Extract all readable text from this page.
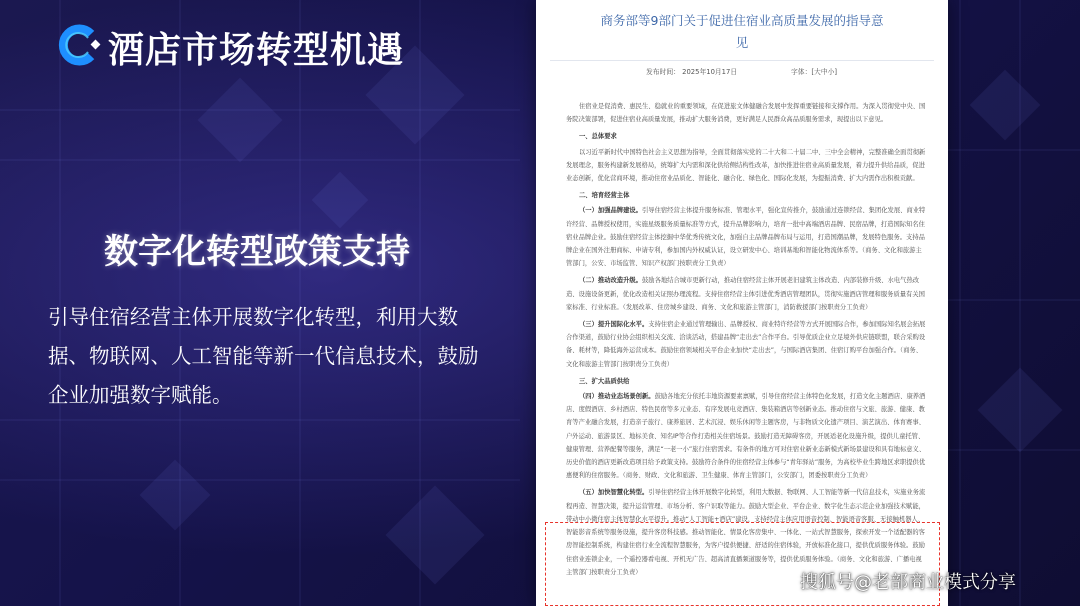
酒店市场转型机遇
数字化转型政策支持
引导住宿经营主体开展数字化转型，利用大数据、物联网、人工智能等新一代信息技术，鼓励企业加强数字赋能。
商务部等9部门关于促进住宿业高质量发展的指导意见
发布时间： 2025年10月17日	字体：[大中小]

住宿业是促消费、惠民生、稳就业的重要领域，在促进旅文体健融合发展中发挥重要链接和支撑作用。为深入贯彻党中央、国务院决策部署，促进住宿业高质量发展，推动扩大服务消费，更好满足人民群众高品质服务需求，现提出以下意见。

一、总体要求

以习近平新时代中国特色社会主义思想为指导，全面贯彻落实党的二十大和二十届二中、三中全会精神，完整准确全面贯彻新发展理念，服务构建新发展格局，统筹扩大内需和深化供给侧结构性改革，加快推进住宿业高质量发展，着力提升供给品质，促进业态创新，优化营商环境，推动住宿业品质化、智能化、融合化、绿色化、国际化发展，为提振消费、扩大内需作出积极贡献。

二、培育经营主体

（一）加强品牌建设。引导住宿经营主体提升服务标准、管理水平，强化宣传推介，鼓励通过连锁经营、集团化发展、商业特许经营、品牌授权使用，实施星级服务质量标准等方式，提升品牌影响力，培育一批中高端酒店品牌、民宿品牌，打造国际知名住宿业品牌企业。鼓励住宿经营主体挖掘中华优秀传统文化，加强自主品牌品牌布局与运用，打造国潮品牌，发展特色服务。支持品牌企业在国外注册商标、申请专利，参加国内外权威认证，设立研发中心、培训基地和智能化物流体系等。（商务、文化和旅游主管部门，公安、市场监管、知识产权部门按职责分工负责）

（二）推动改造升级。鼓励各地结合城市更新行动，推动住宿经营主体开展老旧建筑主体改造、内部装修升级、水电气热改造、设施设备更新，优化改造相关证照办理流程。支持住宿经营主体引进优秀酒店管理团队，贯彻实施酒店管理和服务质量有关国家标准、行业标准。（发展改革、住房城乡建设、商务、文化和旅游主管部门，消防救援部门按职责分工负责）

（三）提升国际化水平。支持住宿企业通过管理输出、品牌授权、商业特许经营等方式开展国际合作，参加国际知名展会拓展合作渠道，鼓励行业协会组织相关交流、洽谈活动，搭建品牌“走出去”合作平台。引导优质企业立足境外供应链联盟，联合采购设备、耗材等，降低海外运营成本。鼓励住宿领域相关平台企业加快“走出去”，与国际酒店集团、住宿订购平台加强合作。（商务、文化和旅游主管部门按职责分工负责）

三、扩大品质供给

（四）推动业态场景创新。鼓励各地充分依托丰地资源要素禀赋，引导住宿经营主体特色化发展，打造文化主题酒店、康养酒店、度假酒店、乡村酒店、特色民宿等多元业态、有序发展电竞酒店、集装箱酒店等创新业态。推动住宿与文旅、旅游、健康、教育等产业融合发展，打造亲子旅行、康养旅居、艺术沉浸、娱乐休闲等主题客房，与非物质文化遗产项目、演艺演出、体育赛事、户外运动、旅游景区、地标美食、知名IP等合作打造相关住宿场景。鼓励打造无障碍客房，开展适老化设施升级，提供儿童托管、健康管理、营养配餐等服务，满足“一老一小”旅行住宿需求。有条件的地方可对住宿业新业态新模式新场景建设和具有地标意义、历史价值的酒店更新改造项目给予政策支持。鼓励符合条件的住宿经营主体参与“青年驿站”服务，为高校毕业生跨地区求职提供优惠便利的住宿服务。（商务、财政、文化和旅游、卫生健康、体育主管部门，公安部门，团委按职责分工负责）

（五）加快智慧化转型。引导住宿经营主体开展数字化转型，利用大数据、物联网、人工智能等新一代信息技术，实施业务流程再造、智慧决策，提升运营管理、市场分析、客户识取等能力。鼓励大型企业、平台企业、数字化生态示范企业加强技术赋能，带动中小微住宿主体智慧化水平提升。推动“人工智能+酒店”建设，支持经营主体应用语音控制、智能语音客服、无接触机器人、智能影音系统等服务设施，提升客房科技感。推动智能化、情景化客房集中、一体化、一站式智慧服务，探索开发一个适配器的客房智能控制系统，构建住宿行业全流程智慧服务，为客户提供便捷、舒适的住宿体验，开放标准化接口，提供优质服务体验。鼓励住宿业连锁企业，一个遥控器看电视、开机无广告、超高清直播频道服务等，提供优质服务体验。（商务、文化和旅游、广播电视主管部门按职责分工负责）	搜狐号@老部商业模式分享
